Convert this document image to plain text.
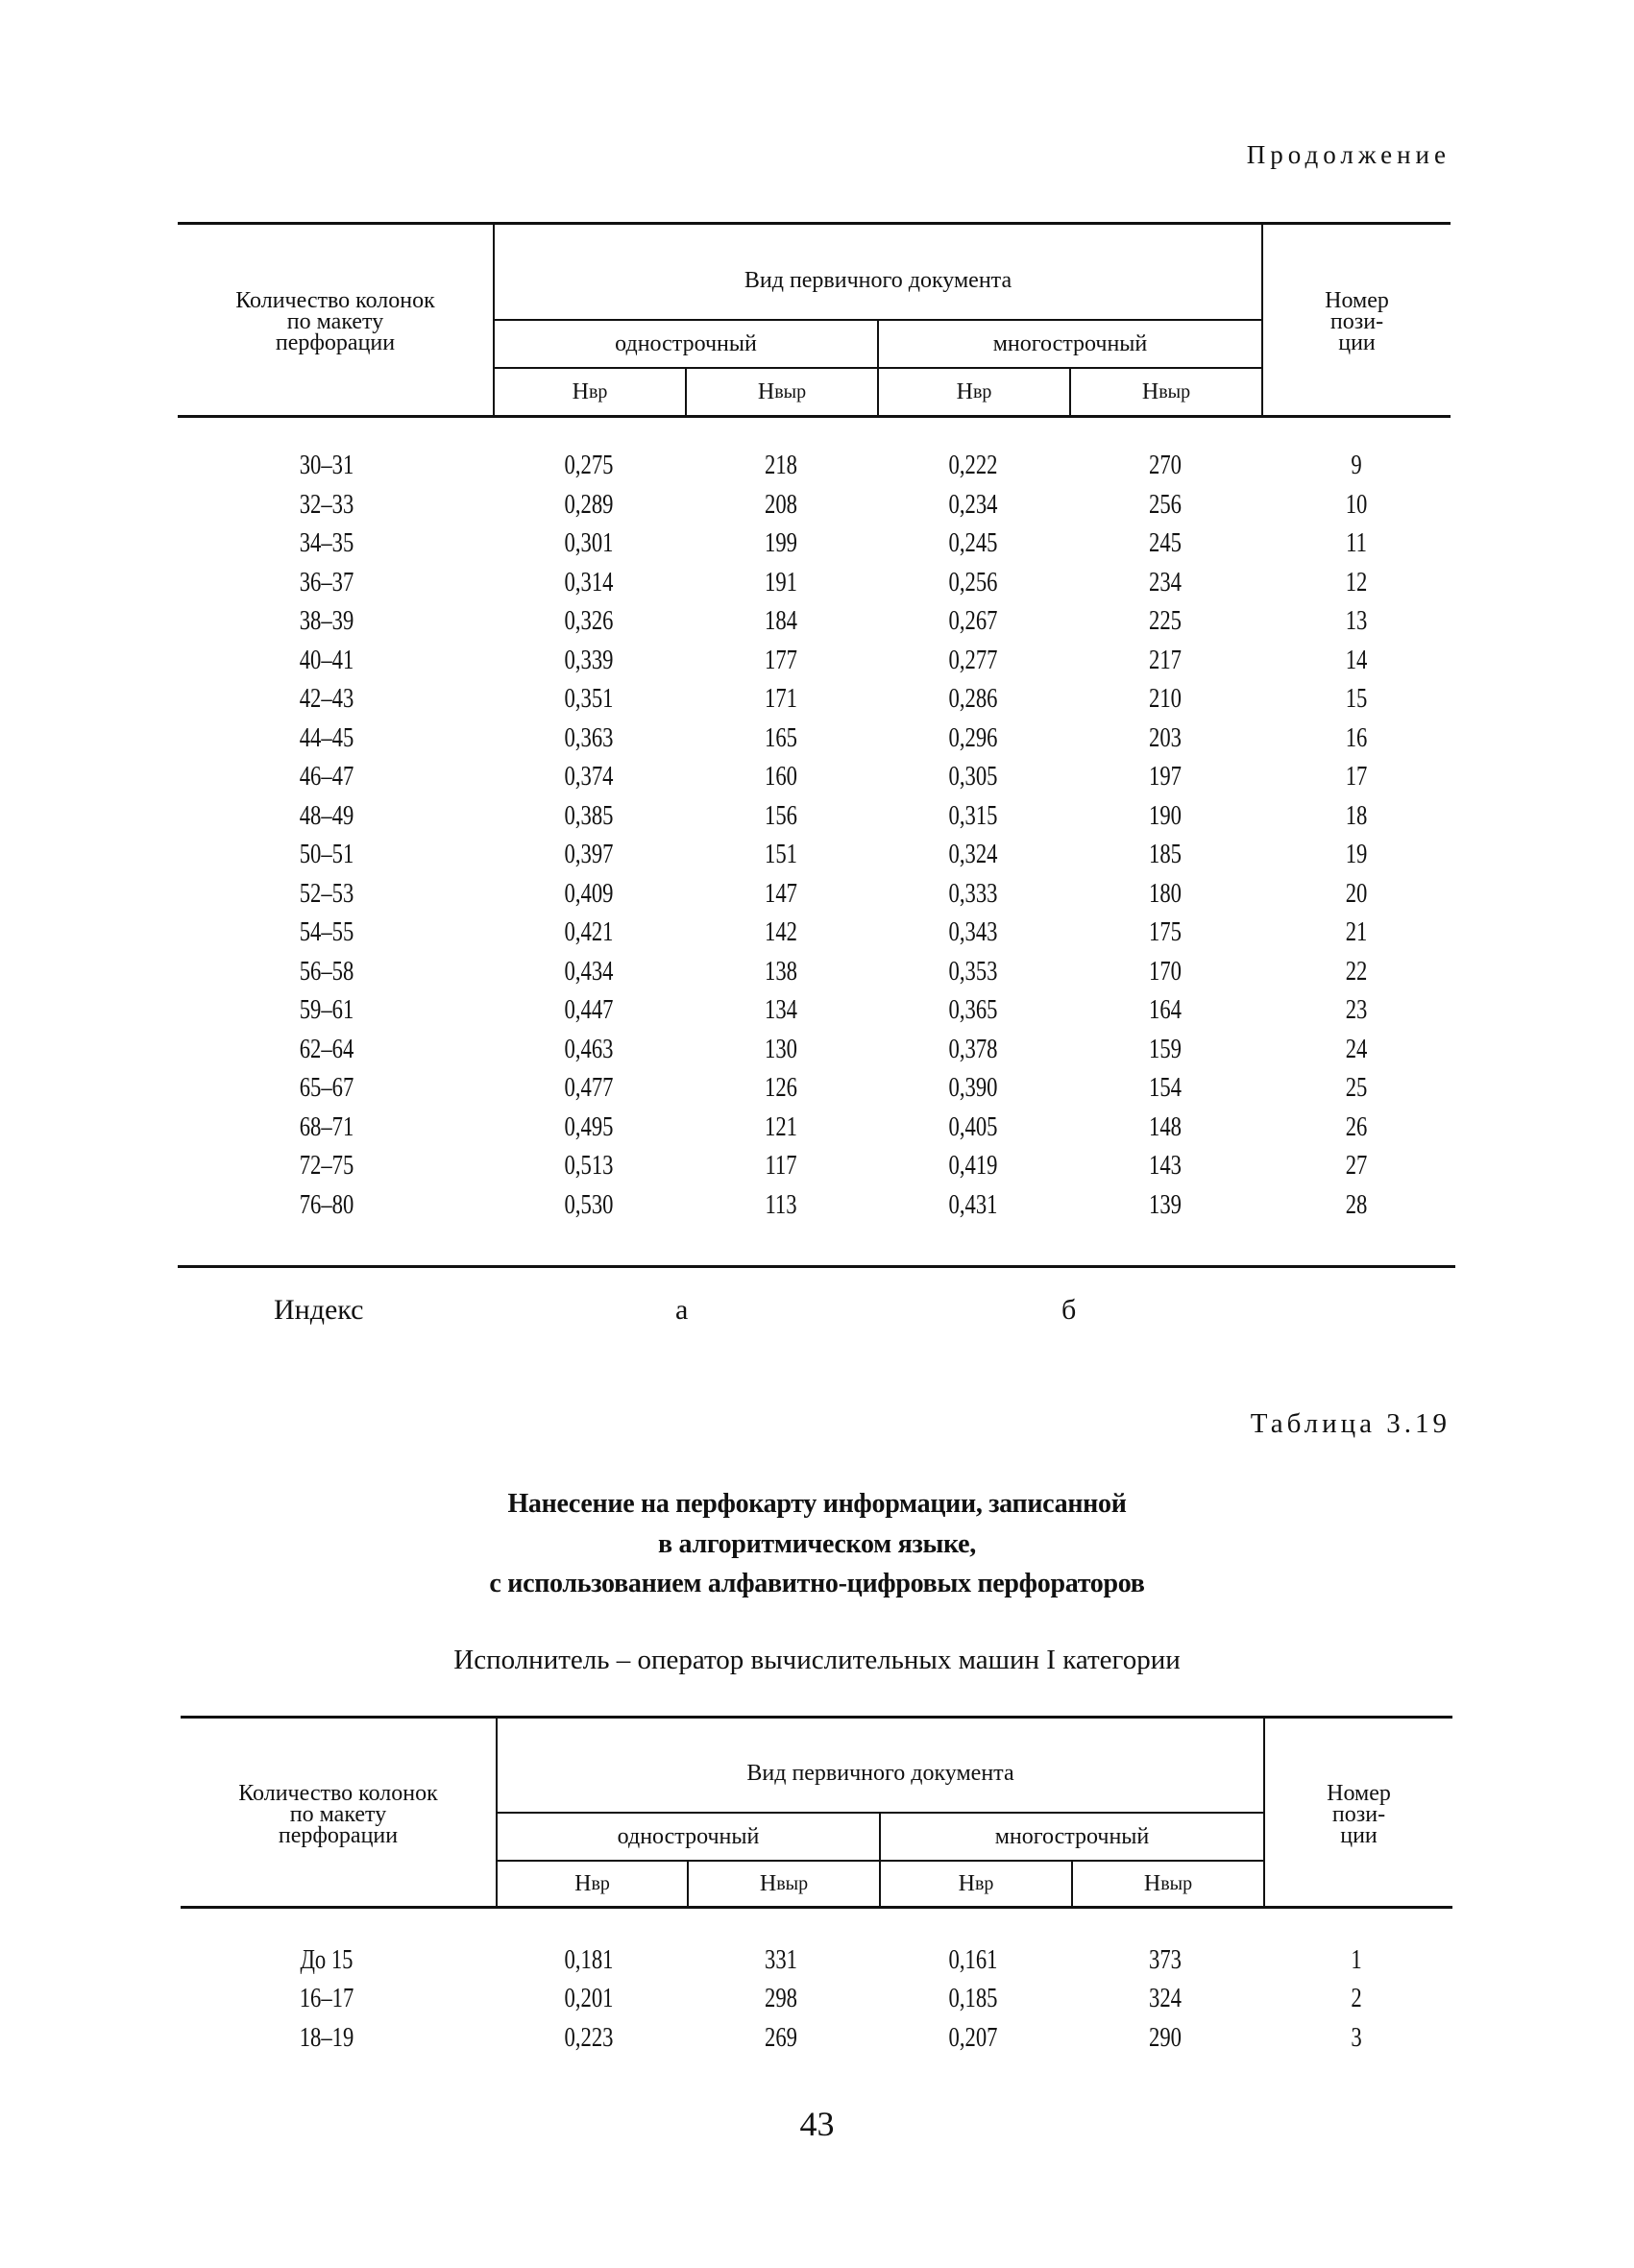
Продолжение
Количество колонок
по макету
перфорации
Вид первичного документа
однострочный	многострочный
Н вр	Н выр	Н вр	Н выр
Номер
пози-
ции
30–31	0,275	218	0,222	270	9
32–33	0,289	208	0,234	256	10
34–35	0,301	199	0,245	245	11
36–37	0,314	191	0,256	234	12
38–39	0,326	184	0,267	225	13
40–41	0,339	177	0,277	217	14
42–43	0,351	171	0,286	210	15
44–45	0,363	165	0,296	203	16
46–47	0,374	160	0,305	197	17
48–49	0,385	156	0,315	190	18
50–51	0,397	151	0,324	185	19
52–53	0,409	147	0,333	180	20
54–55	0,421	142	0,343	175	21
56–58	0,434	138	0,353	170	22
59–61	0,447	134	0,365	164	23
62–64	0,463	130	0,378	159	24
65–67	0,477	126	0,390	154	25
68–71	0,495	121	0,405	148	26
72–75	0,513	117	0,419	143	27
76–80	0,530	113	0,431	139	28
Индекс	а	б
Таблица 3.19
Нанесение на перфокарту информации, записанной
в алгоритмическом языке,
с использованием алфавитно-цифровых перфораторов
Исполнитель – оператор вычислительных машин I категории
Количество колонок
по макету
перфорации
Вид первичного документа
однострочный	многострочный
Н вр	Н выр	Н вр	Н выр
Номер
пози-
ции
До 15	0,181	331	0,161	373	1
16–17	0,201	298	0,185	324	2
18–19	0,223	269	0,207	290	3
43
